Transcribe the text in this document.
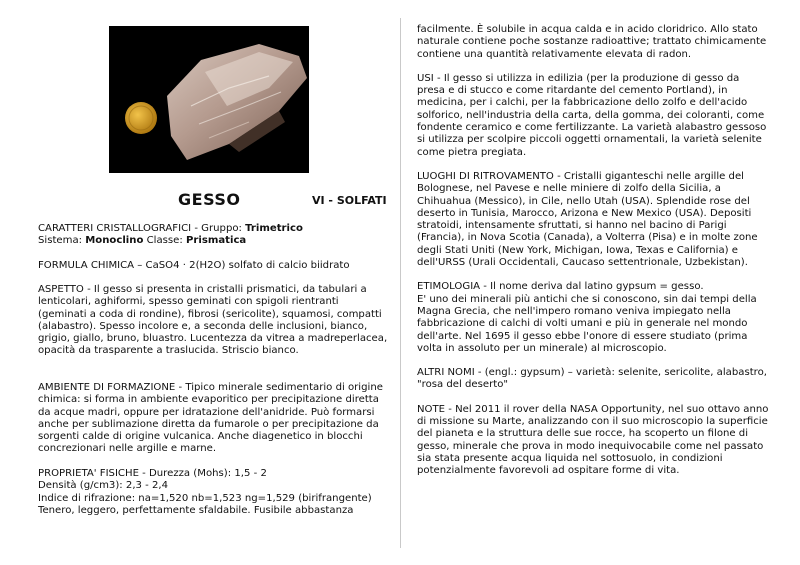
GESSO	VI - SOLFATI

CARATTERI CRISTALLOGRAFICI - Gruppo: Trimetrico
Sistema: Monoclino Classe: Prismatica

FORMULA CHIMICA – CaSO4 · 2(H2O) solfato di calcio biidrato

ASPETTO - Il gesso si presenta in cristalli prismatici, da tabulari a lenticolari, aghiformi, spesso geminati con spigoli rientranti (geminati a coda di rondine), fibrosi (sericolite), squamosi, compatti (alabastro). Spesso incolore e, a seconda delle inclusioni, bianco, grigio, giallo, bruno, bluastro. Lucentezza da vitrea a madreperlacea, opacità da trasparente a traslucida. Striscio bianco.

AMBIENTE DI FORMAZIONE - Tipico minerale sedimentario di origine chimica: si forma in ambiente evaporitico per precipitazione diretta da acque madri, oppure per idratazione dell'anidride. Può formarsi anche per sublimazione diretta da fumarole o per precipitazione da sorgenti calde di origine vulcanica. Anche diagenetico in blocchi concrezionari nelle argille e marne.

PROPRIETA' FISICHE - Durezza (Mohs): 1,5 - 2

Densità (g/cm3): 2,3 - 2,4

Indice di rifrazione: na=1,520 nb=1,523 ng=1,529 (birifrangente)

Tenero, leggero, perfettamente sfaldabile. Fusibile abbastanza

facilmente. È solubile in acqua calda e in acido cloridrico. Allo stato naturale contiene poche sostanze radioattive; trattato chimicamente contiene una quantità relativamente elevata di radon.

USI - Il gesso si utilizza in edilizia (per la produzione di gesso da presa e di stucco e come ritardante del cemento Portland), in medicina, per i calchi, per la fabbricazione dello zolfo e dell'acido solforico, nell'industria della carta, della gomma, dei coloranti, come fondente ceramico e come fertilizzante. La varietà alabastro gessoso si utilizza per scolpire piccoli oggetti ornamentali, la varietà selenite come pietra pregiata.

LUOGHI DI RITROVAMENTO - Cristalli giganteschi nelle argille del Bolognese, nel Pavese e nelle miniere di zolfo della Sicilia, a Chihuahua (Messico), in Cile, nello Utah (USA). Splendide rose del deserto in Tunisia, Marocco, Arizona e New Mexico (USA). Depositi stratoidi, intensamente sfruttati, si hanno nel bacino di Parigi (Francia), in Nova Scotia (Canada), a Volterra (Pisa) e in molte zone degli Stati Uniti (New York, Michigan, Iowa, Texas e California) e dell'URSS (Urali Occidentali, Caucaso settentrionale, Uzbekistan).

ETIMOLOGIA - Il nome deriva dal latino gypsum = gesso.

E' uno dei minerali più antichi che si conoscono, sin dai tempi della Magna Grecia, che nell'impero romano veniva impiegato nella fabbricazione di calchi di volti umani e più in generale nel mondo dell'arte. Nel 1695 il gesso ebbe l'onore di essere studiato (prima volta in assoluto per un minerale) al microscopio.

ALTRI NOMI - (engl.: gypsum) – varietà: selenite, sericolite, alabastro, "rosa del deserto"

NOTE - Nel 2011 il rover della NASA Opportunity, nel suo ottavo anno di missione su Marte, analizzando con il suo microscopio la superficie del pianeta e la struttura delle sue rocce, ha scoperto un filone di gesso, minerale che prova in modo inequivocabile come nel passato sia stata presente acqua liquida nel sottosuolo, in condizioni potenzialmente favorevoli ad ospitare forme di vita.
